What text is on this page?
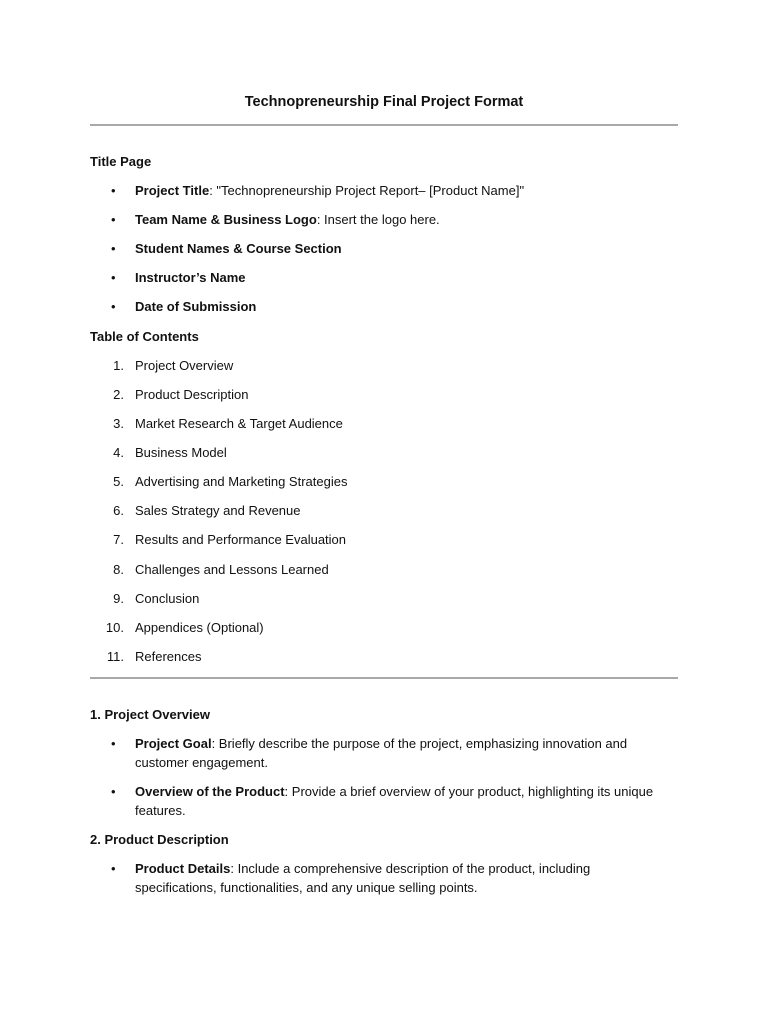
Technopreneurship Final Project Format
Title Page
• Project Title: "Technopreneurship Project Report– [Product Name]"
• Team Name & Business Logo: Insert the logo here.
• Student Names & Course Section
• Instructor’s Name
• Date of Submission
Table of Contents
1. Project Overview
2. Product Description
3. Market Research & Target Audience
4. Business Model
5. Advertising and Marketing Strategies
6. Sales Strategy and Revenue
7. Results and Performance Evaluation
8. Challenges and Lessons Learned
9. Conclusion
10. Appendices (Optional)
11. References
1. Project Overview
• Project Goal: Briefly describe the purpose of the project, emphasizing innovation and customer engagement.
• Overview of the Product: Provide a brief overview of your product, highlighting its unique features.
2. Product Description
• Product Details: Include a comprehensive description of the product, including specifications, functionalities, and any unique selling points.
